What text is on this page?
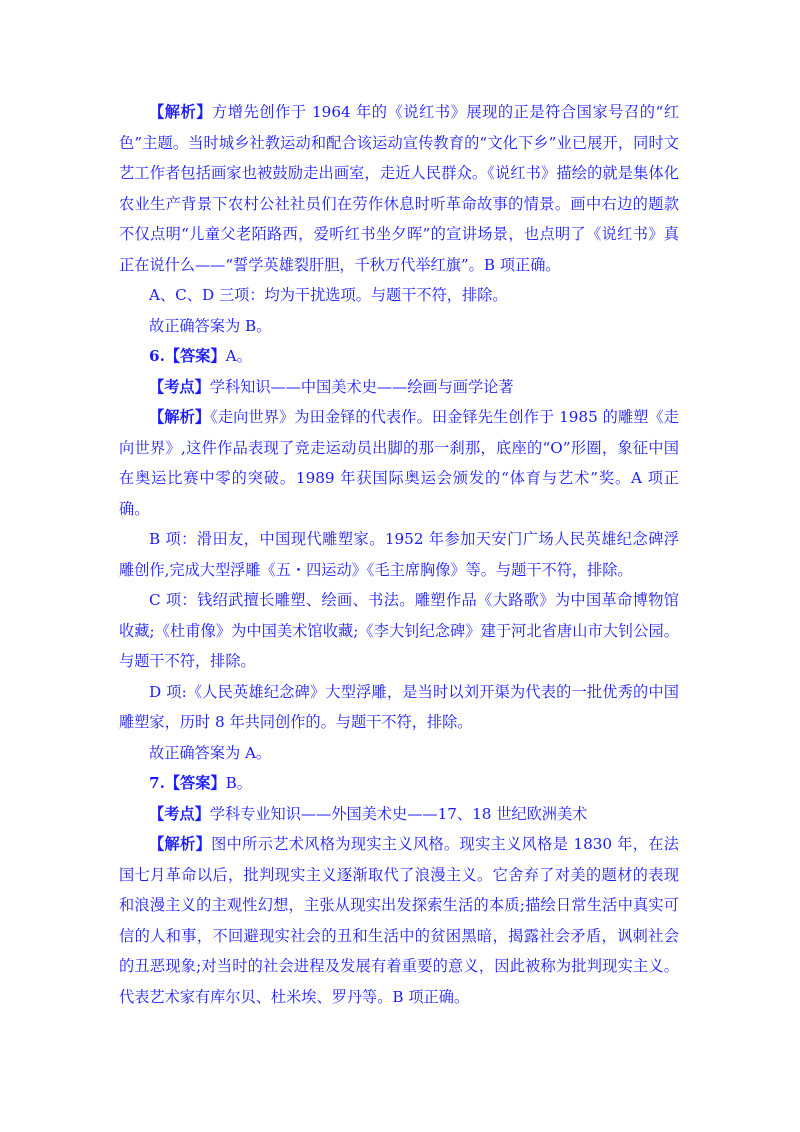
【解析】方增先创作于 1964 年的《说红书》展现的正是符合国家号召的“红色”主题。当时城乡社教运动和配合该运动宣传教育的“文化下乡”业已展开，同时文艺工作者包括画家也被鼓励走出画室，走近人民群众。《说红书》描绘的就是集体化农业生产背景下农村公社社员们在劳作休息时听革命故事的情景。画中右边的题款不仅点明“儿童父老陌路西，爱听红书坐夕晖”的宣讲场景，也点明了《说红书》真正在说什么——“誓学英雄裂肝胆，千秋万代举红旗”。B 项正确。

A、C、D 三项：均为干扰选项。与题干不符，排除。

故正确答案为 B。

6.【答案】A。

【考点】学科知识——中国美术史——绘画与画学论著

【解析】《走向世界》为田金铎的代表作。田金铎先生创作于 1985 的雕塑《走向世界》,这件作品表现了竞走运动员出脚的那一刹那，底座的“O”形圈，象征中国在奥运比赛中零的突破。1989 年获国际奥运会颁发的“体育与艺术”奖。A 项正确。

B 项：滑田友，中国现代雕塑家。1952 年参加天安门广场人民英雄纪念碑浮雕创作,完成大型浮雕《五・四运动》《毛主席胸像》等。与题干不符，排除。

C 项：钱绍武擅长雕塑、绘画、书法。雕塑作品《大路歌》为中国革命博物馆收藏;《杜甫像》为中国美术馆收藏;《李大钊纪念碑》建于河北省唐山市大钊公园。与题干不符，排除。

D 项:《人民英雄纪念碑》大型浮雕，是当时以刘开渠为代表的一批优秀的中国雕塑家，历时 8 年共同创作的。与题干不符，排除。

故正确答案为 A。

7.【答案】B。

【考点】学科专业知识——外国美术史——17、18 世纪欧洲美术

【解析】图中所示艺术风格为现实主义风格。现实主义风格是 1830 年，在法国七月革命以后，批判现实主义逐渐取代了浪漫主义。它舍弃了对美的题材的表现和浪漫主义的主观性幻想，主张从现实出发探索生活的本质;描绘日常生活中真实可信的人和事，不回避现实社会的丑和生活中的贫困黑暗，揭露社会矛盾，讽刺社会的丑恶现象;对当时的社会进程及发展有着重要的意义，因此被称为批判现实主义。代表艺术家有库尔贝、杜米埃、罗丹等。B 项正确。
